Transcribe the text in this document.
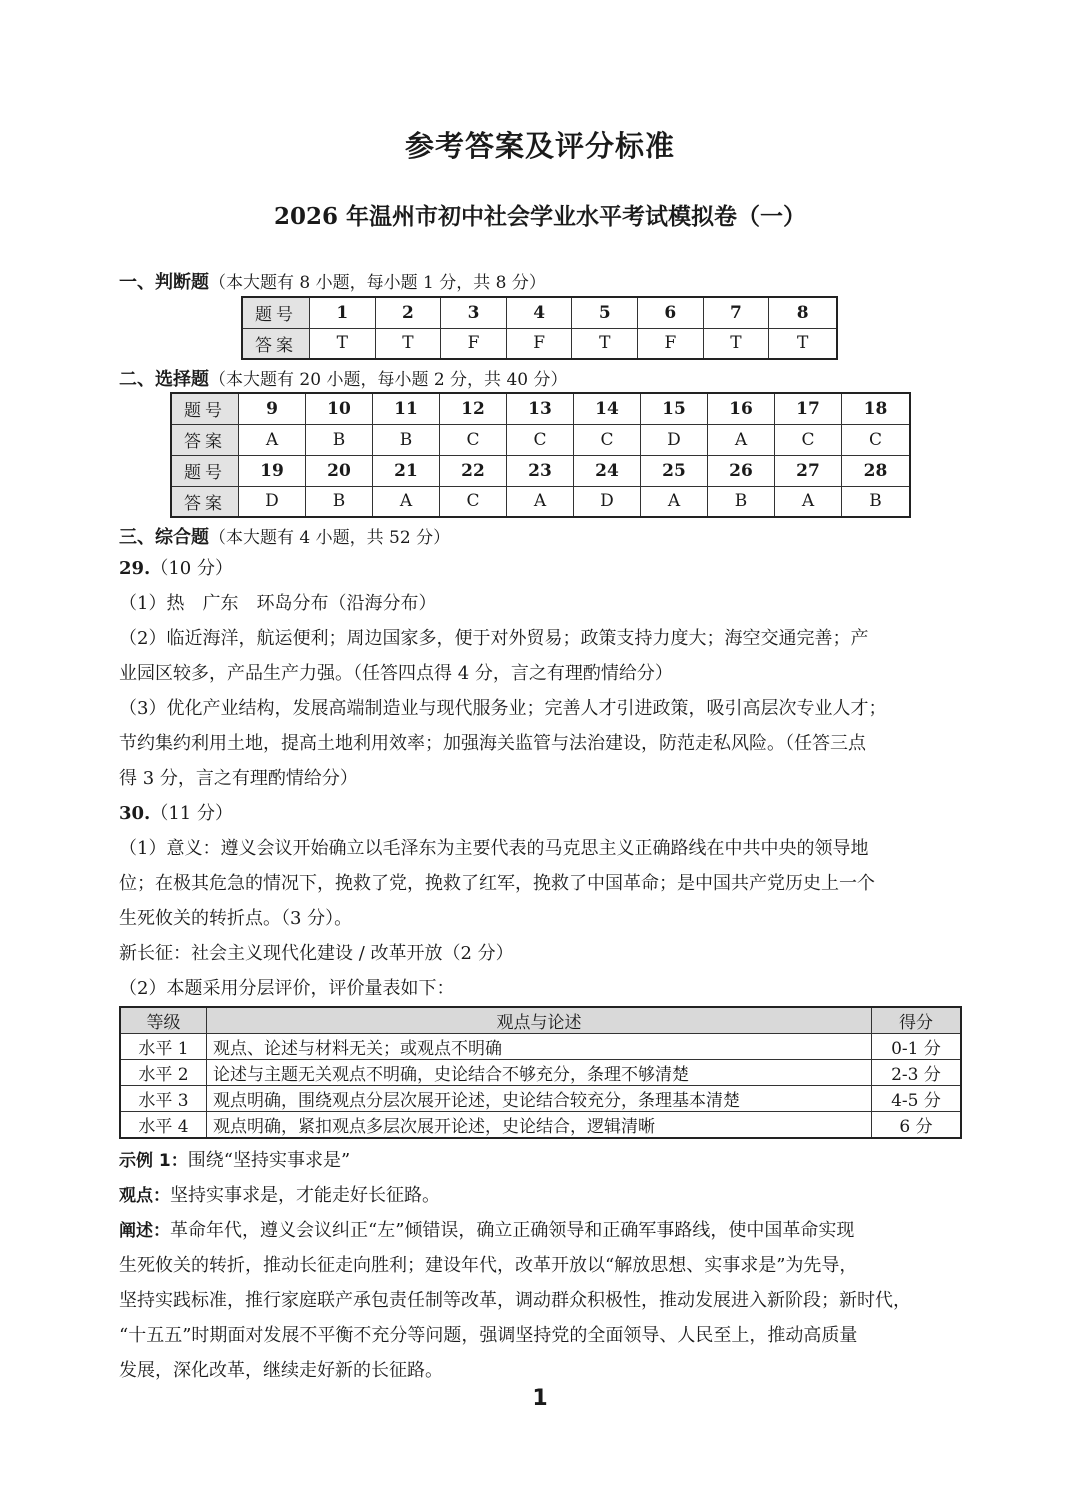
参考答案及评分标准
2026 年温州市初中社会学业水平考试模拟卷（一）
一、判断题（本大题有 8 小题，每小题 1 分，共 8 分）
题号	1	2	3	4	5	6	7	8
答案	T	T	F	F	T	F	T	T
二、选择题（本大题有 20 小题，每小题 2 分，共 40 分）
题号	9	10	11	12	13	14	15	16	17	18
答案	A	B	B	C	C	C	D	A	C	C
题号	19	20	21	22	23	24	25	26	27	28
答案	D	B	A	C	A	D	A	B	A	B
三、综合题（本大题有 4 小题，共 52 分）
29.（10 分）
（1）热　广东　环岛分布（沿海分布）
（2）临近海洋，航运便利；周边国家多，便于对外贸易；政策支持力度大；海空交通完善；产
业园区较多，产品生产力强。（任答四点得 4 分，言之有理酌情给分）
（3）优化产业结构，发展高端制造业与现代服务业；完善人才引进政策，吸引高层次专业人才；
节约集约利用土地，提高土地利用效率；加强海关监管与法治建设，防范走私风险。（任答三点
得 3 分，言之有理酌情给分）
30.（11 分）
（1）意义：遵义会议开始确立以毛泽东为主要代表的马克思主义正确路线在中共中央的领导地
位；在极其危急的情况下，挽救了党，挽救了红军，挽救了中国革命；是中国共产党历史上一个
生死攸关的转折点。（3 分）。
新长征：社会主义现代化建设 / 改革开放（2 分）
（2）本题采用分层评价，评价量表如下：
等级	观点与论述	得分
水平 1	观点、论述与材料无关；或观点不明确	0-1 分
水平 2	论述与主题无关观点不明确，史论结合不够充分，条理不够清楚	2-3 分
水平 3	观点明确，围绕观点分层次展开论述，史论结合较充分，条理基本清楚	4-5 分
水平 4	观点明确，紧扣观点多层次展开论述，史论结合，逻辑清晰	6 分
示例 1：围绕“坚持实事求是”
观点：坚持实事求是，才能走好长征路。
阐述：革命年代，遵义会议纠正“左”倾错误，确立正确领导和正确军事路线，使中国革命实现
生死攸关的转折，推动长征走向胜利；建设年代，改革开放以“解放思想、实事求是”为先导，
坚持实践标准，推行家庭联产承包责任制等改革，调动群众积极性，推动发展进入新阶段；新时代，
“十五五”时期面对发展不平衡不充分等问题，强调坚持党的全面领导、人民至上，推动高质量
发展，深化改革，继续走好新的长征路。
1
